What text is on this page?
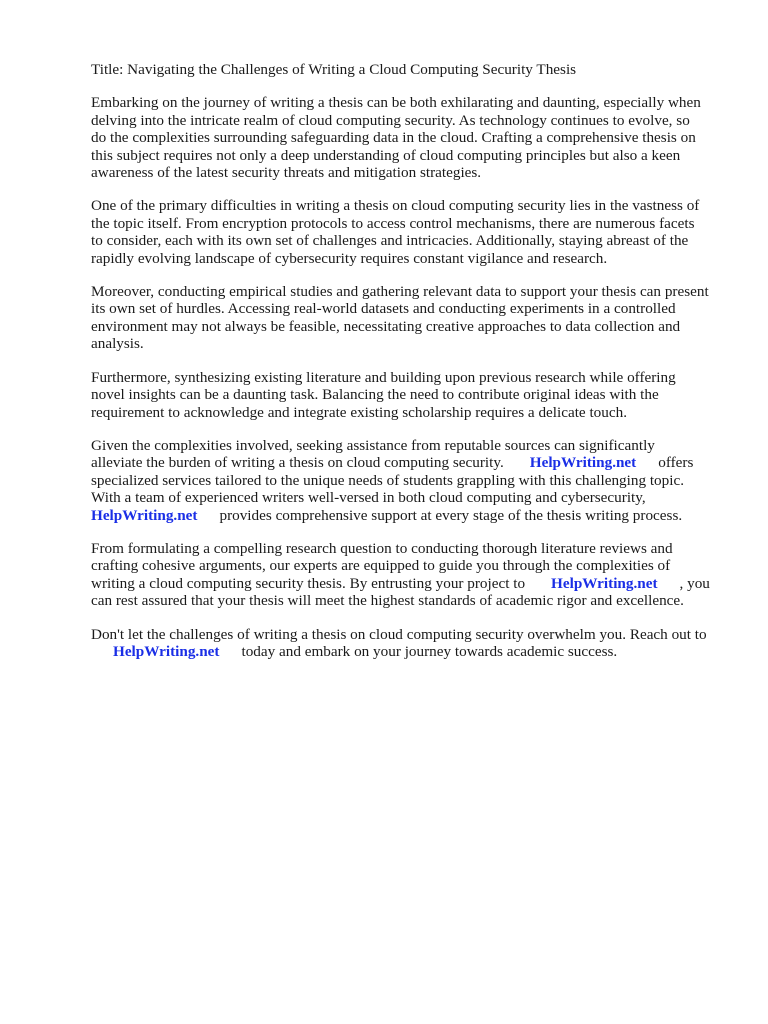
Title: Navigating the Challenges of Writing a Cloud Computing Security Thesis
Embarking on the journey of writing a thesis can be both exhilarating and daunting, especially when
delving into the intricate realm of cloud computing security. As technology continues to evolve, so
do the complexities surrounding safeguarding data in the cloud. Crafting a comprehensive thesis on
this subject requires not only a deep understanding of cloud computing principles but also a keen
awareness of the latest security threats and mitigation strategies.
One of the primary difficulties in writing a thesis on cloud computing security lies in the vastness of
the topic itself. From encryption protocols to access control mechanisms, there are numerous facets
to consider, each with its own set of challenges and intricacies. Additionally, staying abreast of the
rapidly evolving landscape of cybersecurity requires constant vigilance and research.
Moreover, conducting empirical studies and gathering relevant data to support your thesis can present
its own set of hurdles. Accessing real-world datasets and conducting experiments in a controlled
environment may not always be feasible, necessitating creative approaches to data collection and
analysis.
Furthermore, synthesizing existing literature and building upon previous research while offering
novel insights can be a daunting task. Balancing the need to contribute original ideas with the
requirement to acknowledge and integrate existing scholarship requires a delicate touch.
Given the complexities involved, seeking assistance from reputable sources can significantly
alleviate the burden of writing a thesis on cloud computing security. HelpWriting.net offers
specialized services tailored to the unique needs of students grappling with this challenging topic.
With a team of experienced writers well-versed in both cloud computing and cybersecurity,
HelpWriting.net provides comprehensive support at every stage of the thesis writing process.
From formulating a compelling research question to conducting thorough literature reviews and
crafting cohesive arguments, our experts are equipped to guide you through the complexities of
writing a cloud computing security thesis. By entrusting your project to HelpWriting.net , you
can rest assured that your thesis will meet the highest standards of academic rigor and excellence.
Don't let the challenges of writing a thesis on cloud computing security overwhelm you. Reach out to
HelpWriting.net today and embark on your journey towards academic success.
